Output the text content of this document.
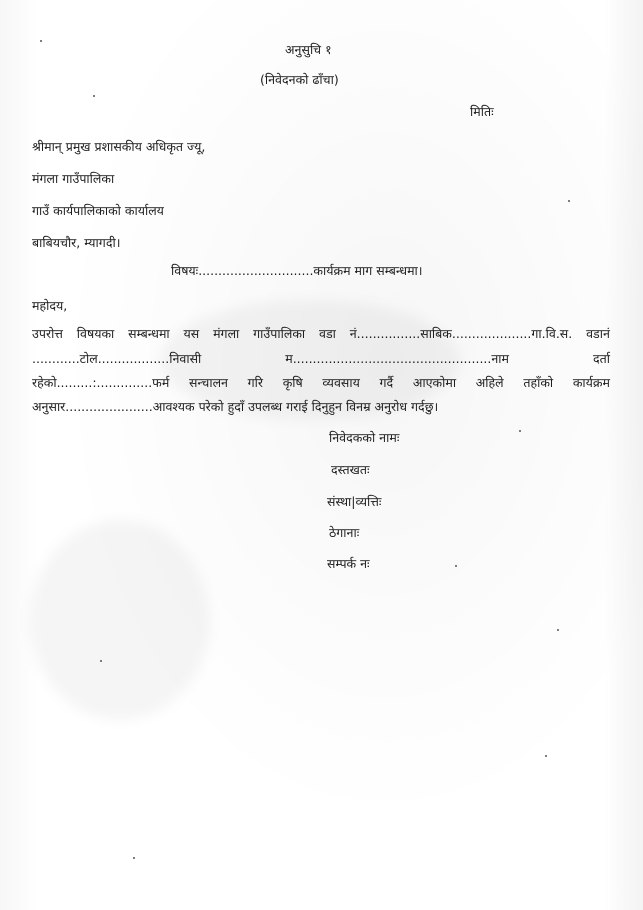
अनुसुचि १
(निवेदनको ढाँचा)
मितिः
श्रीमान् प्रमुख प्रशासकीय अधिकृत ज्यू,
मंगला गाउँपालिका
गाउँ कार्यपालिकाको कार्यालय
बाबियचौर, म्यागदी।
विषयः.............................कार्यक्रम माग सम्बन्धमा।
महोदय,
उपरोत्त विषयका सम्बन्धमा यस मंगला गाउँपालिका वडा नं................साबिक....................गा.वि.स. वडानं
............टोल..................निवासी	म..................................................नाम	दर्ता
रहेको.........:..............फर्म सन्चालन गरि कृषि व्यवसाय गर्दै आएकोमा अहिले तहाँको कार्यक्रम
अनुसार......................आवश्यक परेको हुदाँ उपलब्ध गराई दिनुहुन विनम्र अनुरोध गर्दछु।
निवेदकको नामः
दस्तखतः
संस्था|व्यत्तिः
ठेगानाः
सम्पर्क नः
